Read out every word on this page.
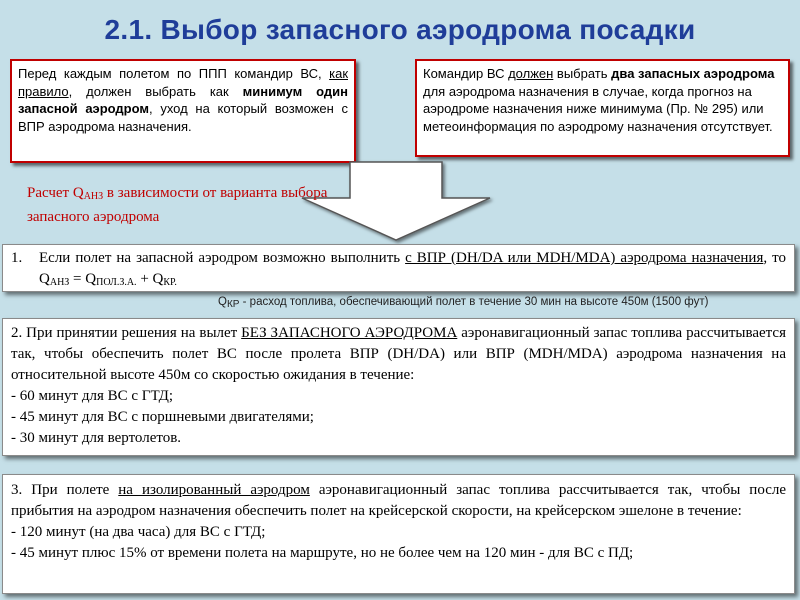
2.1. Выбор запасного аэродрома посадки
Перед каждым полетом по ППП командир ВС, как правило, должен выбрать как минимум один запасной аэродром, уход на который возможен с ВПР аэродрома назначения.
Командир ВС должен выбрать два запасных аэродрома для аэродрома назначения в случае, когда прогноз на аэродроме назначения ниже минимума (Пр. № 295) или метеоинформация по аэродрому назначения отсутствует.
Расчет $Q_{АНЗ}$ в зависимости от варианта выбора запасного аэродрома
1.	Если полет на запасной аэродром возможно выполнить с ВПР (DH/DA или MDH/MDA) аэродрома назначения, то $Q_{АНЗ} = Q_{ПОЛ.З.А.} + Q_{КР.}$
$Q_{КР}$ - расход топлива, обеспечивающий полет в течение 30 мин на высоте 450м (1500 фут)

2. При принятии решения на вылет БЕЗ ЗАПАСНОГО АЭРОДРОМА аэронавигационный запас топлива рассчитывается так, чтобы обеспечить полет ВС после пролета ВПР (DH/DA) или ВПР (MDH/MDA) аэродрома назначения на относительной высоте 450м со скоростью ожидания в течение:

- 60 минут для ВС с ГТД;

- 45 минут для ВС с поршневыми двигателями;

- 30 минут для вертолетов.

3. При полете на изолированный аэродром аэронавигационный запас топлива рассчитывается так, чтобы после прибытия на аэродром назначения обеспечить полет на крейсерской скорости, на крейсерском эшелоне в течение:

- 120 минут (на два часа) для ВС с ГТД;

- 45 минут плюс 15% от времени полета на маршруте, но не более чем на 120 мин - для ВС с ПД;
